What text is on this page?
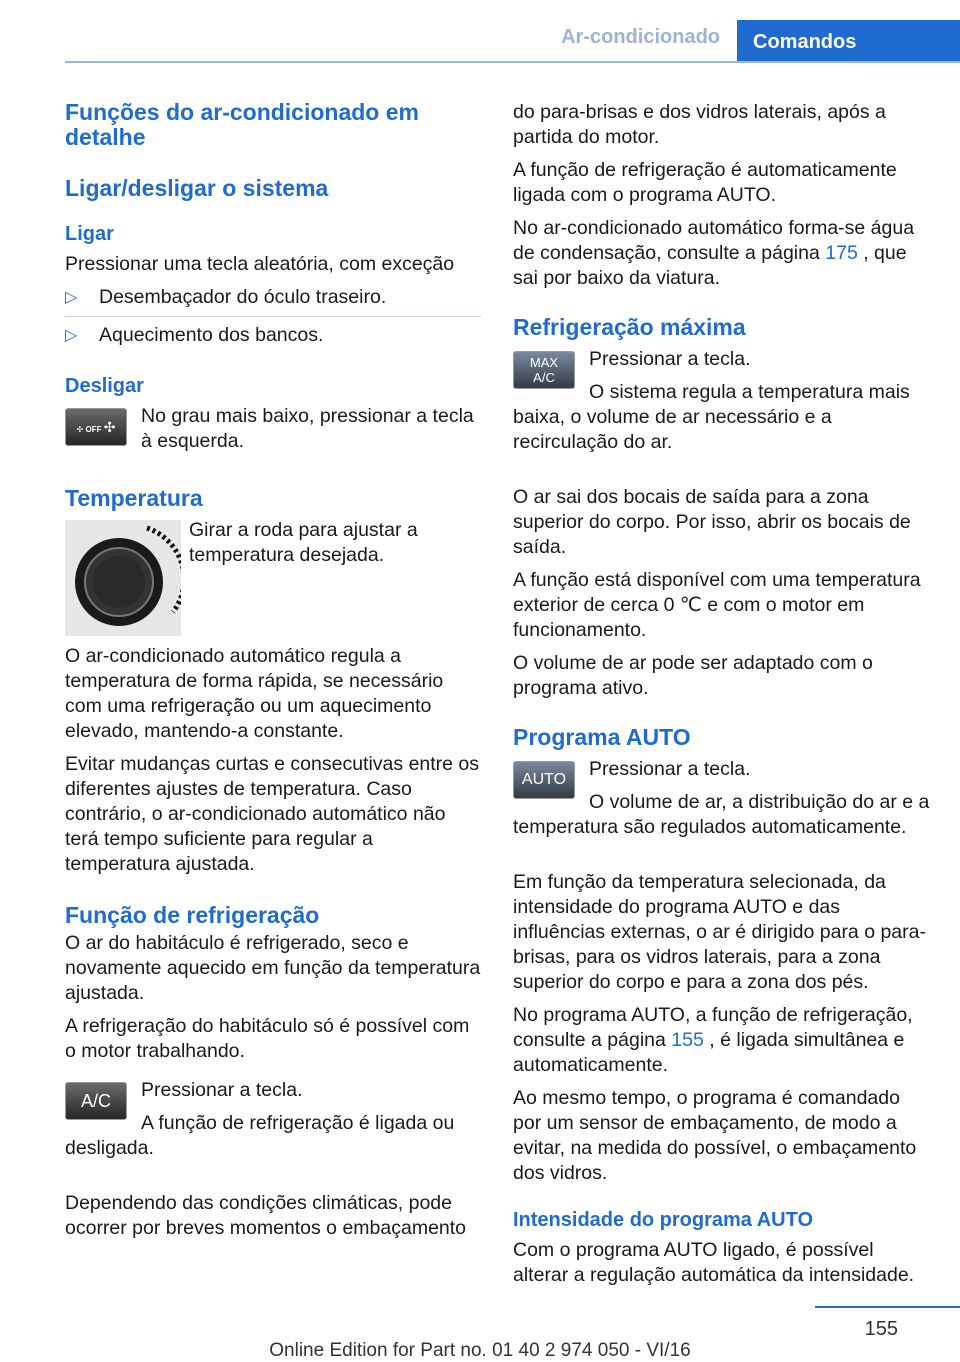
Ar-condicionado	Comandos
Funções do ar-condicionado em detalhe
Ligar/desligar o sistema
Ligar

Pressionar uma tecla aleatória, com exceção

▷ Desembaçador do óculo traseiro.
▷ Aquecimento dos bancos.
Desligar
✣ OFF ✣	No grau mais baixo, pressionar a tecla à esquerda.

Temperatura

Girar a roda para ajustar a temperatura desejada.

O ar-condicionado automático regula a temperatura de forma rápida, se necessário com uma refrigeração ou um aquecimento elevado, mantendo-a constante.

Evitar mudanças curtas e consecutivas entre os diferentes ajustes de temperatura. Caso contrário, o ar-condicionado automático não terá tempo suficiente para regular a temperatura ajustada.

Função de refrigeração

O ar do habitáculo é refrigerado, seco e novamente aquecido em função da temperatura ajustada.

A refrigeração do habitáculo só é possível com o motor trabalhando.

A/C	Pressionar a tecla.

A função de refrigeração é ligada ou desligada.

Dependendo das condições climáticas, pode ocorrer por breves momentos o embaçamento

do para-brisas e dos vidros laterais, após a partida do motor.

A função de refrigeração é automaticamente ligada com o programa AUTO.

No ar-condicionado automático forma-se água de condensação, consulte a página 175 , que sai por baixo da viatura.

Refrigeração máxima
MAX
A/C

Pressionar a tecla.

O sistema regula a temperatura mais baixa, o volume de ar necessário e a recirculação do ar.

O ar sai dos bocais de saída para a zona superior do corpo. Por isso, abrir os bocais de saída.

A função está disponível com uma temperatura exterior de cerca 0 ℃ e com o motor em funcionamento.

O volume de ar pode ser adaptado com o programa ativo.

Programa AUTO
AUTO	Pressionar a tecla.

O volume de ar, a distribuição do ar e a temperatura são regulados automaticamente.

Em função da temperatura selecionada, da intensidade do programa AUTO e das influências externas, o ar é dirigido para o para-brisas, para os vidros laterais, para a zona superior do corpo e para a zona dos pés.

No programa AUTO, a função de refrigeração, consulte a página 155 , é ligada simultânea e automaticamente.

Ao mesmo tempo, o programa é comandado por um sensor de embaçamento, de modo a evitar, na medida do possível, o embaçamento dos vidros.

Intensidade do programa AUTO

Com o programa AUTO ligado, é possível alterar a regulação automática da intensidade.

155
Online Edition for Part no. 01 40 2 974 050 - VI/16
